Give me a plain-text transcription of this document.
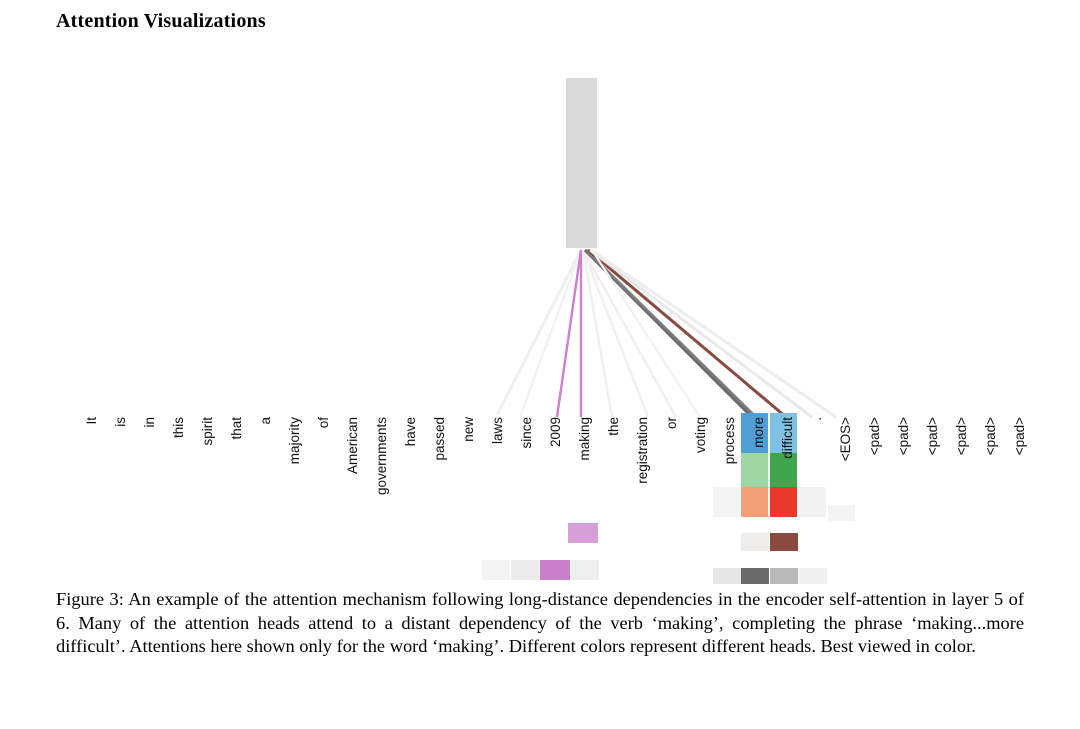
Attention Visualizations
It is in this spirit that a majority of American governments have passed new laws since 2009 making the registration or voting process more difficult . <EOS> <pad> <pad> <pad> <pad> <pad> <pad>
Figure 3: An example of the attention mechanism following long-distance dependencies in the encoder self-attention in layer 5 of 6. Many of the attention heads attend to a distant dependency of the verb ‘making’, completing the phrase ‘making...more difficult’. Attentions here shown only for the word ‘making’. Different colors represent different heads. Best viewed in color.
